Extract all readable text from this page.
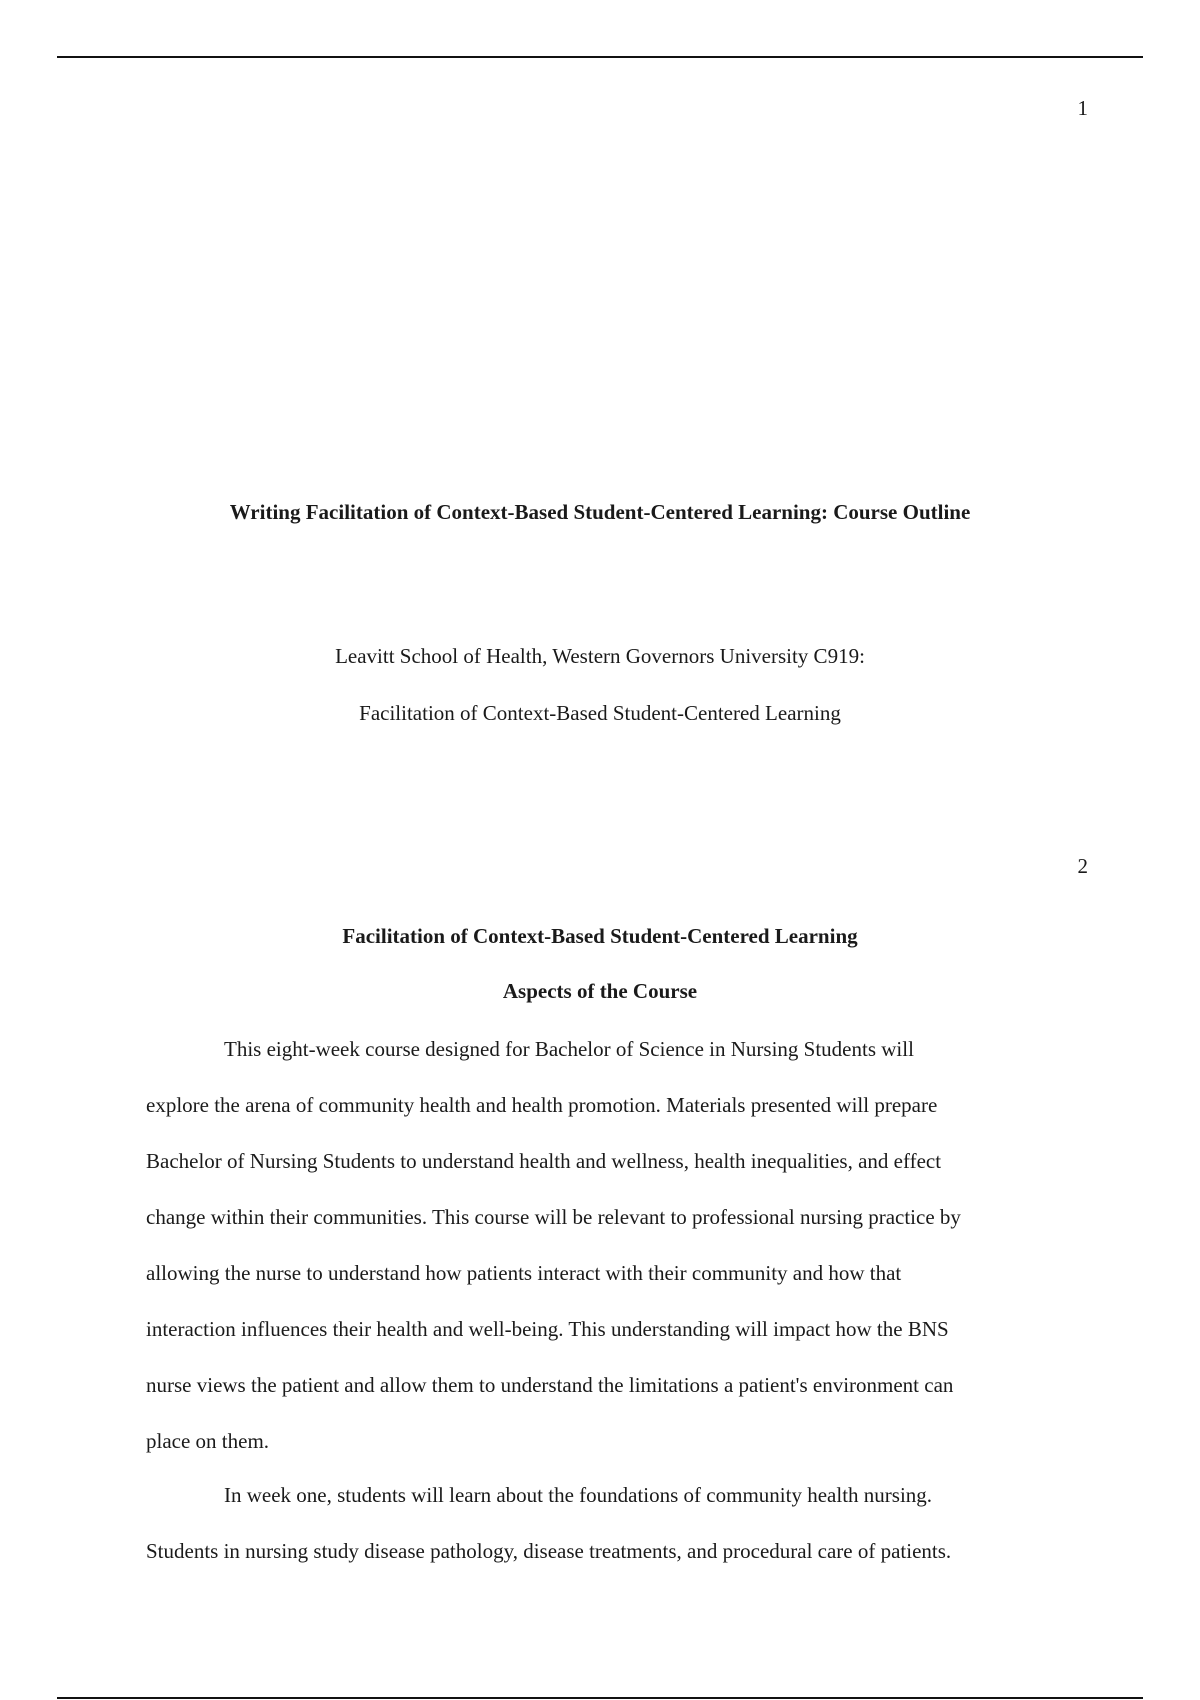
1
Writing Facilitation of Context-Based Student-Centered Learning: Course Outline
Leavitt School of Health, Western Governors University C919:
Facilitation of Context-Based Student-Centered Learning
2
Facilitation of Context-Based Student-Centered Learning
Aspects of the Course
This eight-week course designed for Bachelor of Science in Nursing Students will
explore the arena of community health and health promotion. Materials presented will prepare
Bachelor of Nursing Students to understand health and wellness, health inequalities, and effect
change within their communities. This course will be relevant to professional nursing practice by
allowing the nurse to understand how patients interact with their community and how that
interaction influences their health and well-being. This understanding will impact how the BNS
nurse views the patient and allow them to understand the limitations a patient's environment can
place on them.
In week one, students will learn about the foundations of community health nursing.
Students in nursing study disease pathology, disease treatments, and procedural care of patients.
